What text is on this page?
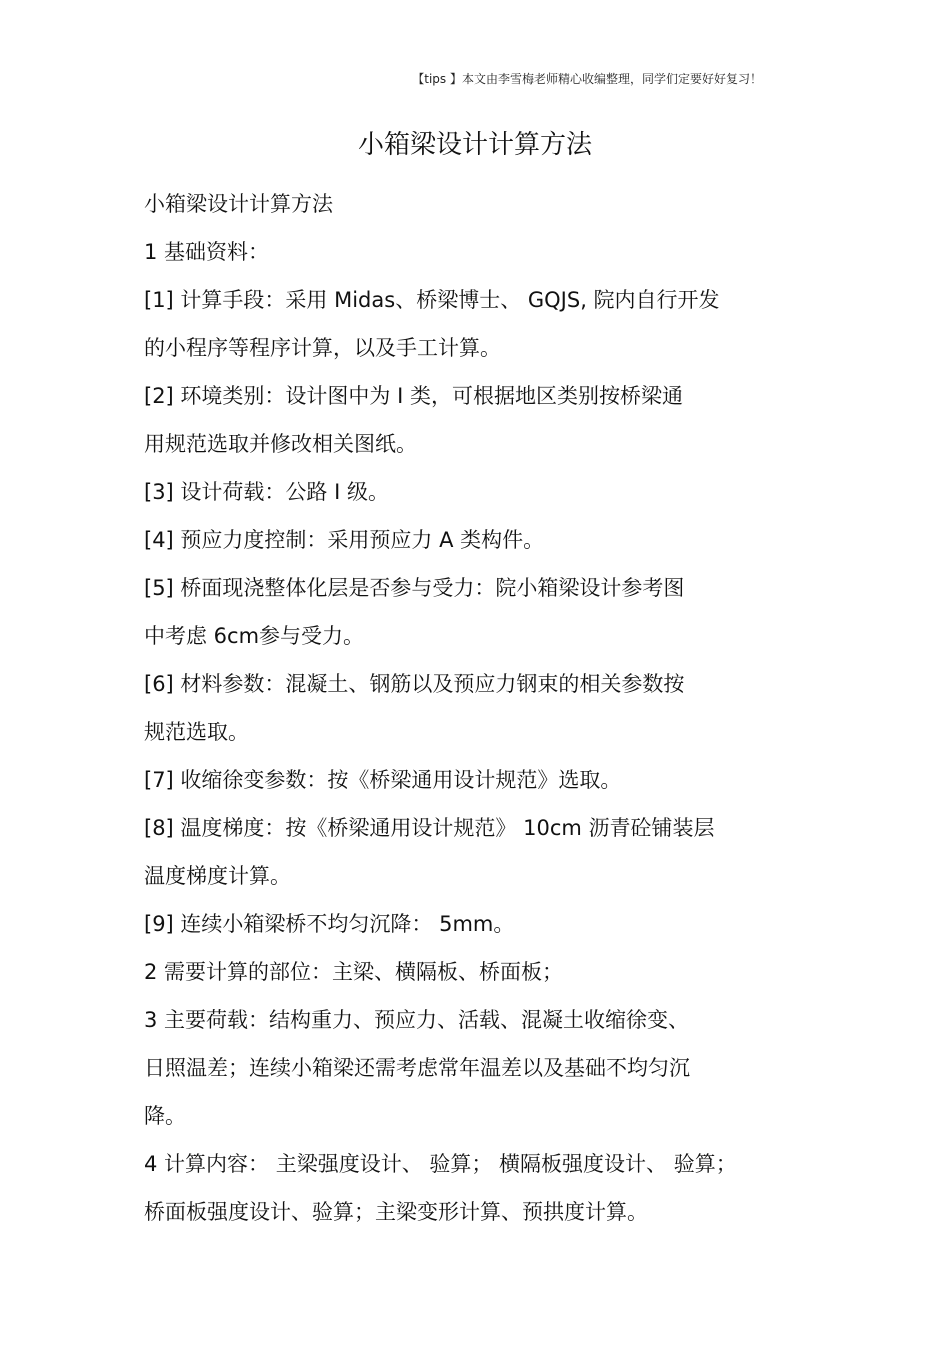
【tips 】本文由李雪梅老师精心收编整理，同学们定要好好复习！
小箱梁设计计算方法
小箱梁设计计算方法
1 基础资料：
[1] 计算手段：采用 Midas、桥梁博士、 GQJS, 院内自行开发
的小程序等程序计算，以及手工计算。
[2] 环境类别：设计图中为 I 类，可根据地区类别按桥梁通
用规范选取并修改相关图纸。
[3] 设计荷载：公路 I 级。
[4] 预应力度控制：采用预应力 A 类构件。
[5] 桥面现浇整体化层是否参与受力：院小箱梁设计参考图
中考虑 6cm参与受力。
[6] 材料参数：混凝土、钢筋以及预应力钢束的相关参数按
规范选取。
[7] 收缩徐变参数：按《桥梁通用设计规范》选取。
[8] 温度梯度：按《桥梁通用设计规范》 10cm 沥青砼铺装层
温度梯度计算。
[9] 连续小箱梁桥不均匀沉降： 5mm。
2 需要计算的部位：主梁、横隔板、桥面板；
3 主要荷载：结构重力、预应力、活载、混凝土收缩徐变、
日照温差；连续小箱梁还需考虑常年温差以及基础不均匀沉
降。
4 计算内容： 主梁强度设计、 验算； 横隔板强度设计、 验算；
桥面板强度设计、验算；主梁变形计算、预拱度计算。
